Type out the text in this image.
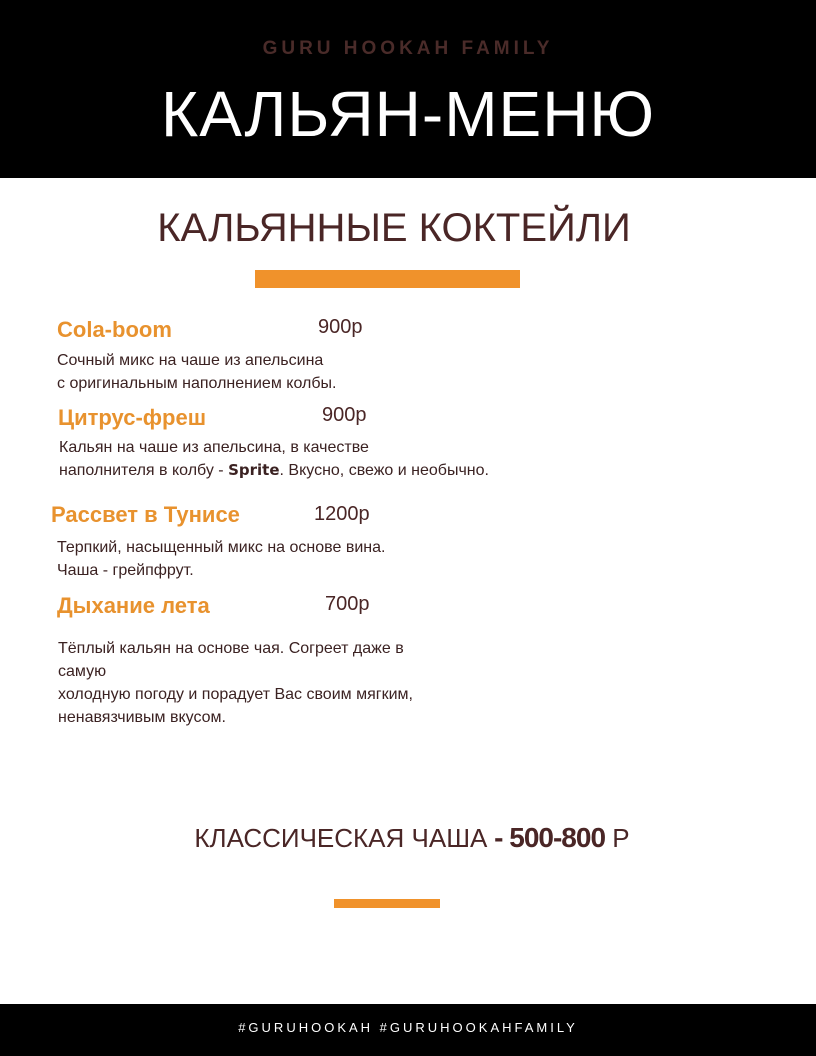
GURU HOOKAH FAMILY
КАЛЬЯН-МЕНЮ
КАЛЬЯННЫЕ КОКТЕЙЛИ
Cola-boom	900р
Сочный микс на чаше из апельсина
с оригинальным наполнением колбы.
Цитрус-фреш	900р
Кальян на чаше из апельсина, в качестве
наполнителя в колбу - Sprite. Вкусно, свежо и необычно.
Рассвет в Тунисе	1200р
Терпкий, насыщенный микс на основе вина.
Чаша - грейпфрут.
Дыхание лета	700р
Тёплый кальян на основе чая. Согреет даже в
самую
холодную погоду и порадует Вас своим мягким,
ненавязчивым вкусом.
КЛАССИЧЕСКАЯ ЧАША - 500-800 Р
#GURUHOOKAH #GURUHOOKAHFAMILY
